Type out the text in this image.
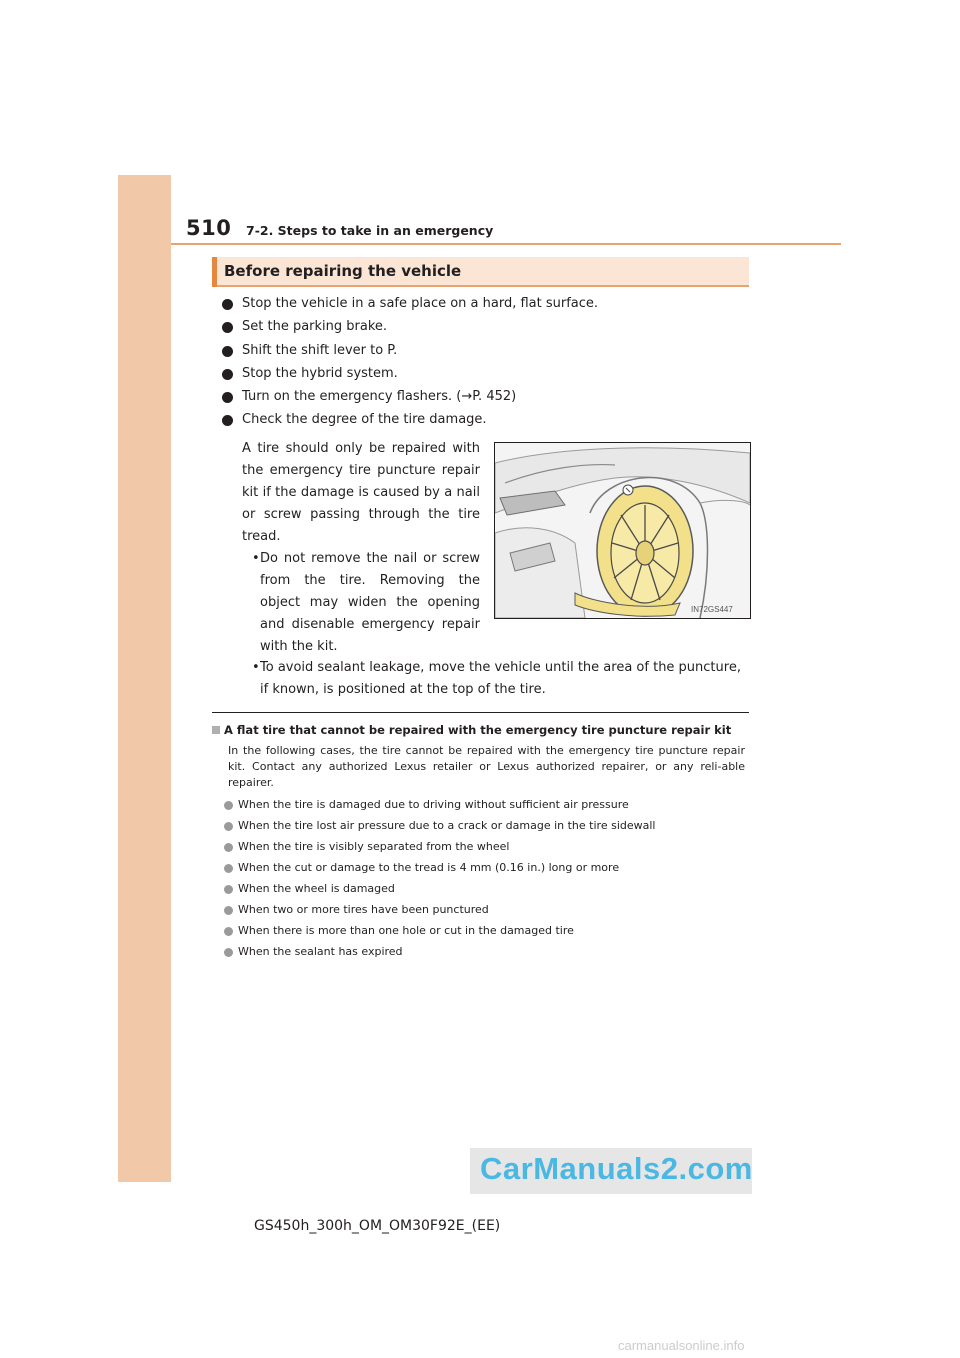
510 7-2. Steps to take in an emergency
Before repairing the vehicle
Stop the vehicle in a safe place on a hard, flat surface.
Set the parking brake.
Shift the shift lever to P.
Stop the hybrid system.
Turn on the emergency flashers. (→P. 452)
Check the degree of the tire damage.
A tire should only be repaired with the emergency tire puncture repair kit if the damage is caused by a nail or screw passing through the tire tread.
• Do not remove the nail or screw from the tire. Removing the object may widen the opening and disenable emergency repair with the kit.
• To avoid sealant leakage, move the vehicle until the area of the puncture, if known, is positioned at the top of the tire.
IN72GS447
A flat tire that cannot be repaired with the emergency tire puncture repair kit
In the following cases, the tire cannot be repaired with the emergency tire puncture repair kit. Contact any authorized Lexus retailer or Lexus authorized repairer, or any reli-able repairer.
When the tire is damaged due to driving without sufficient air pressure
When the tire lost air pressure due to a crack or damage in the tire sidewall
When the tire is visibly separated from the wheel
When the cut or damage to the tread is 4 mm (0.16 in.) long or more
When the wheel is damaged
When two or more tires have been punctured
When there is more than one hole or cut in the damaged tire
When the sealant has expired
CarManuals2.com
GS450h_300h_OM_OM30F92E_(EE)
carmanualsonline.info
